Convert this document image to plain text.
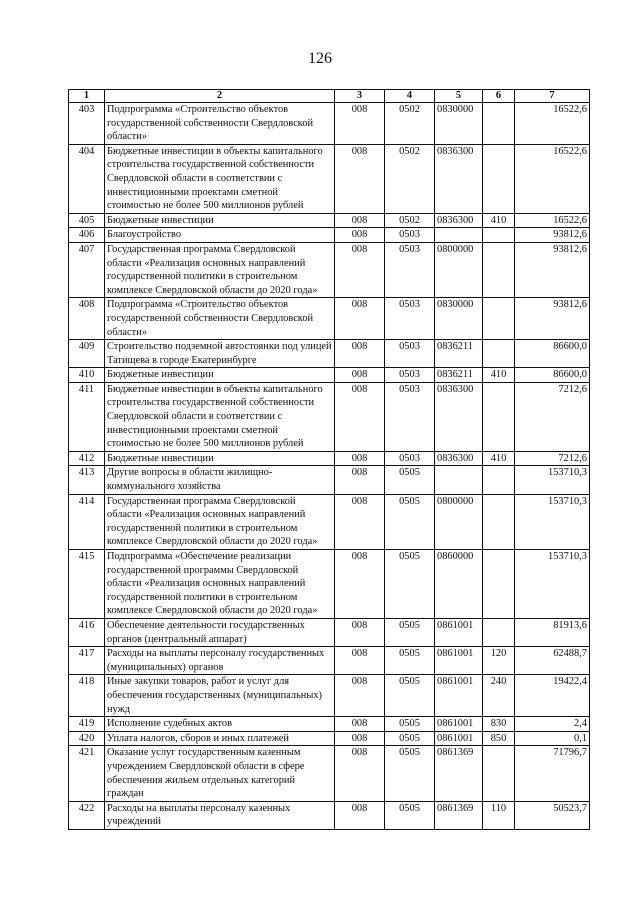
126
1	2	3	4	5	6	7
403	Подпрограмма «Строительство объектов государственной собственности Свердловской области»	008	0502	0830000		16522,6
404	Бюджетные инвестиции в объекты капитального строительства государственной собственности Свердловской области в соответствии с инвестиционными проектами сметной стоимостью не более 500 миллионов рублей	008	0502	0836300		16522,6
405	Бюджетные инвестиции	008	0502	0836300	410	16522,6
406	Благоустройство	008	0503			93812,6
407	Государственная программа Свердловской области «Реализация основных направлений государственной политики в строительном комплексе Свердловской области до 2020 года»	008	0503	0800000		93812,6
408	Подпрограмма «Строительство объектов государственной собственности Свердловской области»	008	0503	0830000		93812,6
409	Строительство подземной автостоянки под улицей Татищева в городе Екатеринбурге	008	0503	0836211		86600,0
410	Бюджетные инвестиции	008	0503	0836211	410	86600,0
411	Бюджетные инвестиции в объекты капитального строительства государственной собственности Свердловской области в соответствии с инвестиционными проектами сметной стоимостью не более 500 миллионов рублей	008	0503	0836300		7212,6
412	Бюджетные инвестиции	008	0503	0836300	410	7212,6
413	Другие вопросы в области жилищно-коммунального хозяйства	008	0505			153710,3
414	Государственная программа Свердловской области «Реализация основных направлений государственной политики в строительном комплексе Свердловской области до 2020 года»	008	0505	0800000		153710,3
415	Подпрограмма «Обеспечение реализации государственной программы Свердловской области «Реализация основных направлений государственной политики в строительном комплексе Свердловской области до 2020 года»	008	0505	0860000		153710,3
416	Обеспечение деятельности государственных органов (центральный аппарат)	008	0505	0861001		81913,6
417	Расходы на выплаты персоналу государственных (муниципальных) органов	008	0505	0861001	120	62488,7
418	Иные закупки товаров, работ и услуг для обеспечения государственных (муниципальных) нужд	008	0505	0861001	240	19422,4
419	Исполнение судебных актов	008	0505	0861001	830	2,4
420	Уплата налогов, сборов и иных платежей	008	0505	0861001	850	0,1
421	Оказание услуг государственным казенным учреждением Свердловской области в сфере обеспечения жильем отдельных категорий граждан	008	0505	0861369		71796,7
422	Расходы на выплаты персоналу казенных учреждений	008	0505	0861369	110	50523,7
